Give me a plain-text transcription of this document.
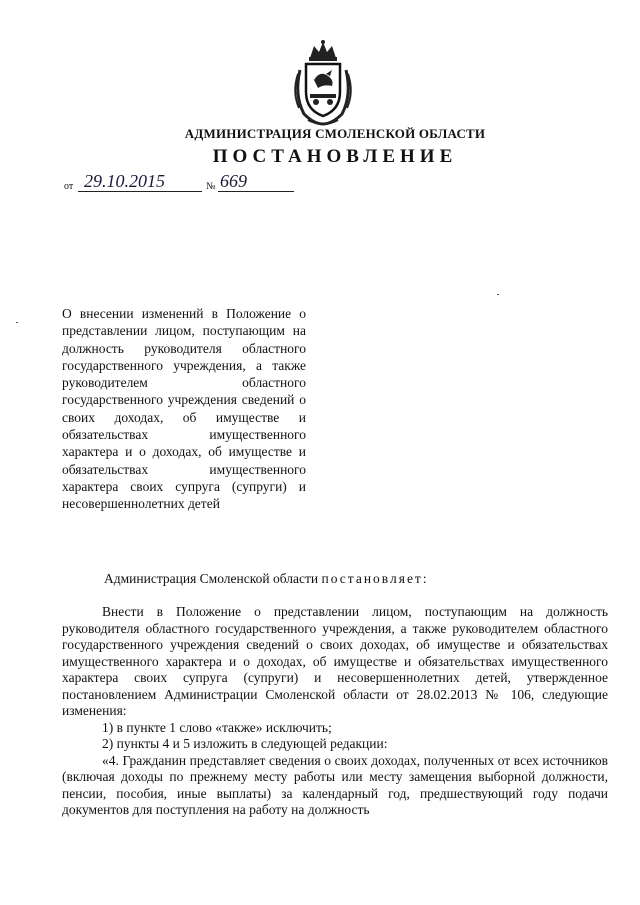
АДМИНИСТРАЦИЯ СМОЛЕНСКОЙ ОБЛАСТИ
ПОСТАНОВЛЕНИЕ
от 29.10.2015	№ 669
О внесении изменений в Положение о представлении лицом, поступающим на должность руководителя областного государственного учреждения, а также руководителем областного государственного учреждения сведений о своих доходах, об имуществе и обязательствах имущественного характера и о доходах, об имуществе и обязательствах имущественного характера своих супруга (супруги) и несовершеннолетних детей
Администрация Смоленской области постановляет:

Внести в Положение о представлении лицом, поступающим на должность руководителя областного государственного учреждения, а также руководителем областного государственного учреждения сведений о своих доходах, об имуществе и обязательствах имущественного характера и о доходах, об имуществе и обязательствах имущественного характера своих супруга (супруги) и несовершеннолетних детей, утвержденное постановлением Администрации Смоленской области от 28.02.2013 № 106, следующие изменения:

1) в пункте 1 слово «также» исключить;

2) пункты 4 и 5 изложить в следующей редакции:

«4. Гражданин представляет сведения о своих доходах, полученных от всех источников (включая доходы по прежнему месту работы или месту замещения выборной должности, пенсии, пособия, иные выплаты) за календарный год, предшествующий году подачи документов для поступления на работу на должность
